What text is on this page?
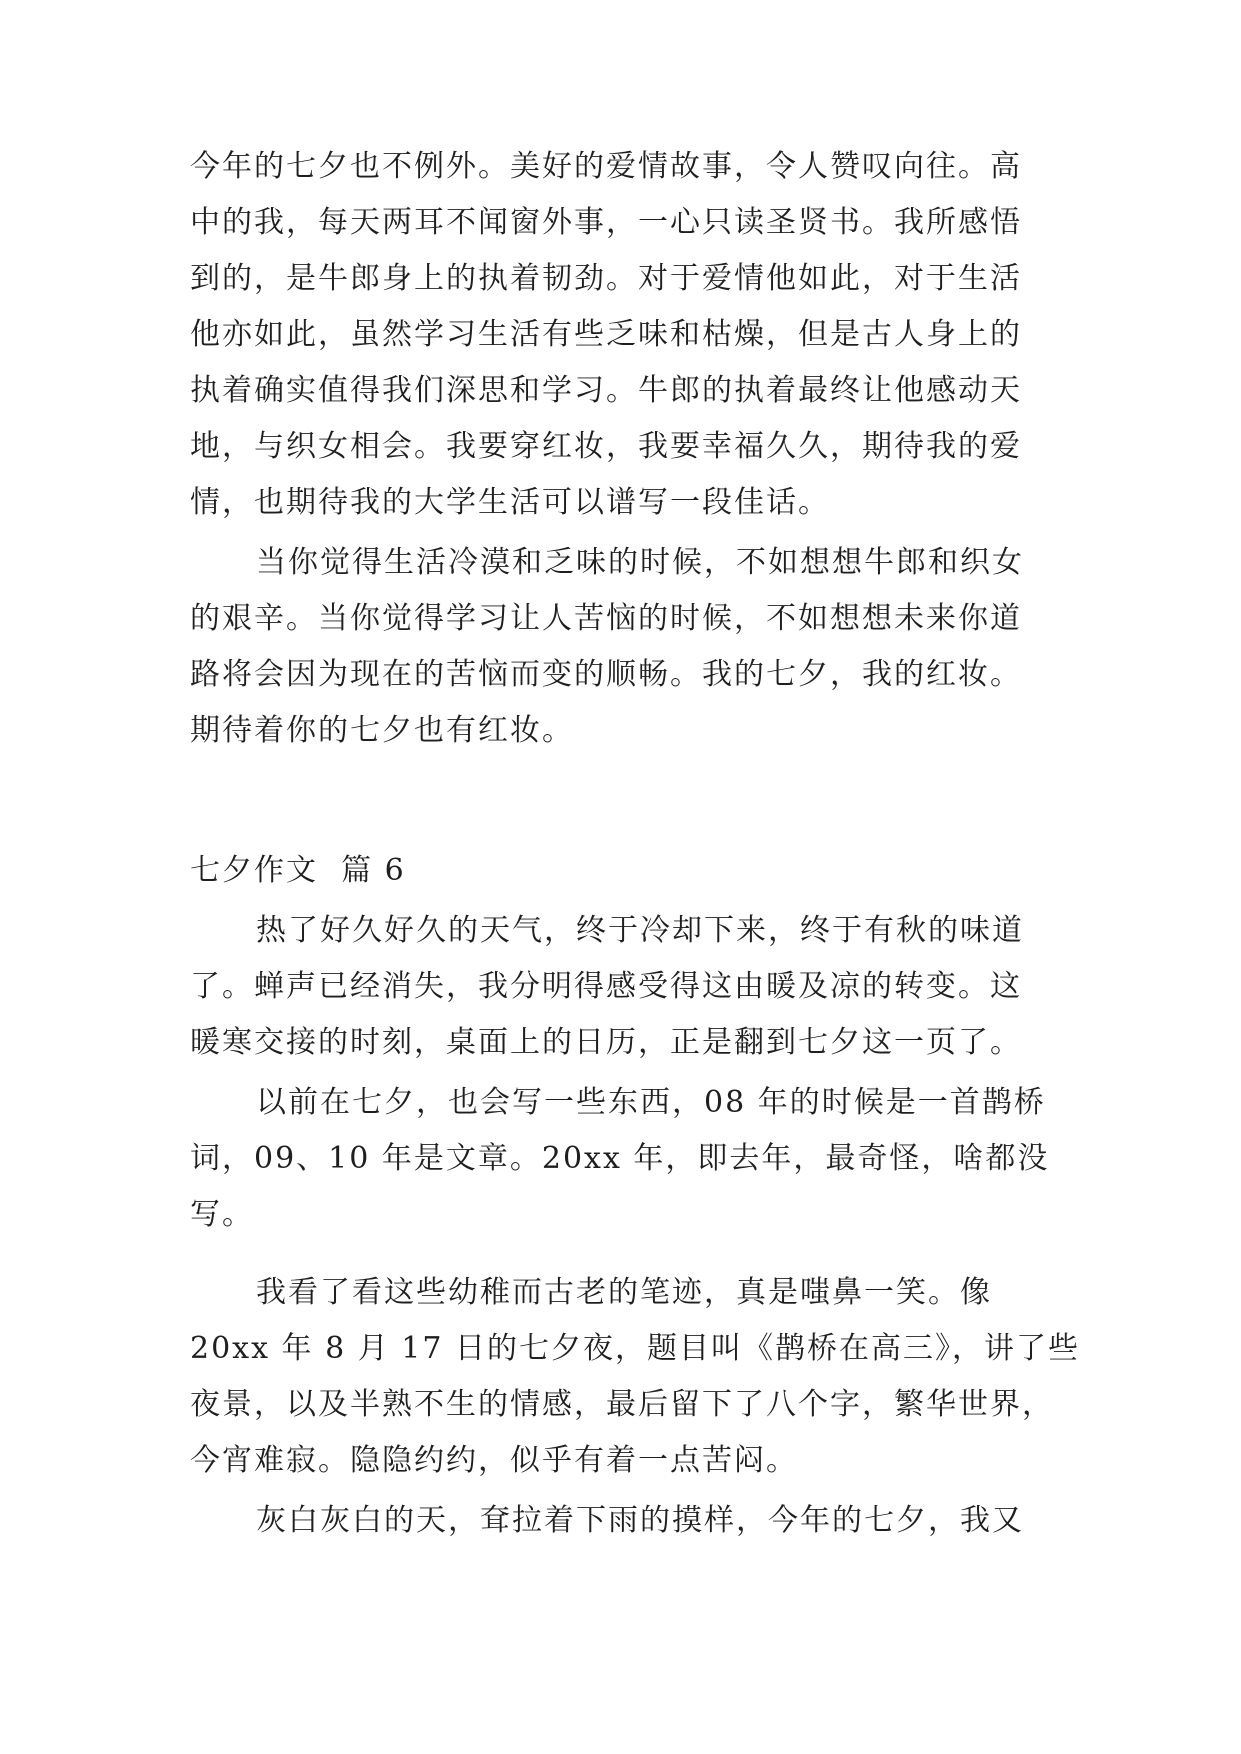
今年的七夕也不例外。美好的爱情故事，令人赞叹向往。高
中的我，每天两耳不闻窗外事，一心只读圣贤书。我所感悟
到的，是牛郎身上的执着韧劲。对于爱情他如此，对于生活
他亦如此，虽然学习生活有些乏味和枯燥，但是古人身上的
执着确实值得我们深思和学习。牛郎的执着最终让他感动天
地，与织女相会。我要穿红妆，我要幸福久久，期待我的爱
情，也期待我的大学生活可以谱写一段佳话。
当你觉得生活冷漠和乏味的时候，不如想想牛郎和织女
的艰辛。当你觉得学习让人苦恼的时候，不如想想未来你道
路将会因为现在的苦恼而变的顺畅。我的七夕，我的红妆。
期待着你的七夕也有红妆。
七夕作文  篇 6
热了好久好久的天气，终于冷却下来，终于有秋的味道
了。蝉声已经消失，我分明得感受得这由暖及凉的转变。这
暖寒交接的时刻，桌面上的日历，正是翻到七夕这一页了。
以前在七夕，也会写一些东西，08 年的时候是一首鹊桥
词，09、10 年是文章。20xx 年，即去年，最奇怪，啥都没
写。
我看了看这些幼稚而古老的笔迹，真是嗤鼻一笑。像
20xx 年 8 月 17 日的七夕夜，题目叫《鹊桥在高三》，讲了些
夜景，以及半熟不生的情感，最后留下了八个字，繁华世界，
今宵难寂。隐隐约约，似乎有着一点苦闷。
灰白灰白的天，耷拉着下雨的摸样，今年的七夕，我又
